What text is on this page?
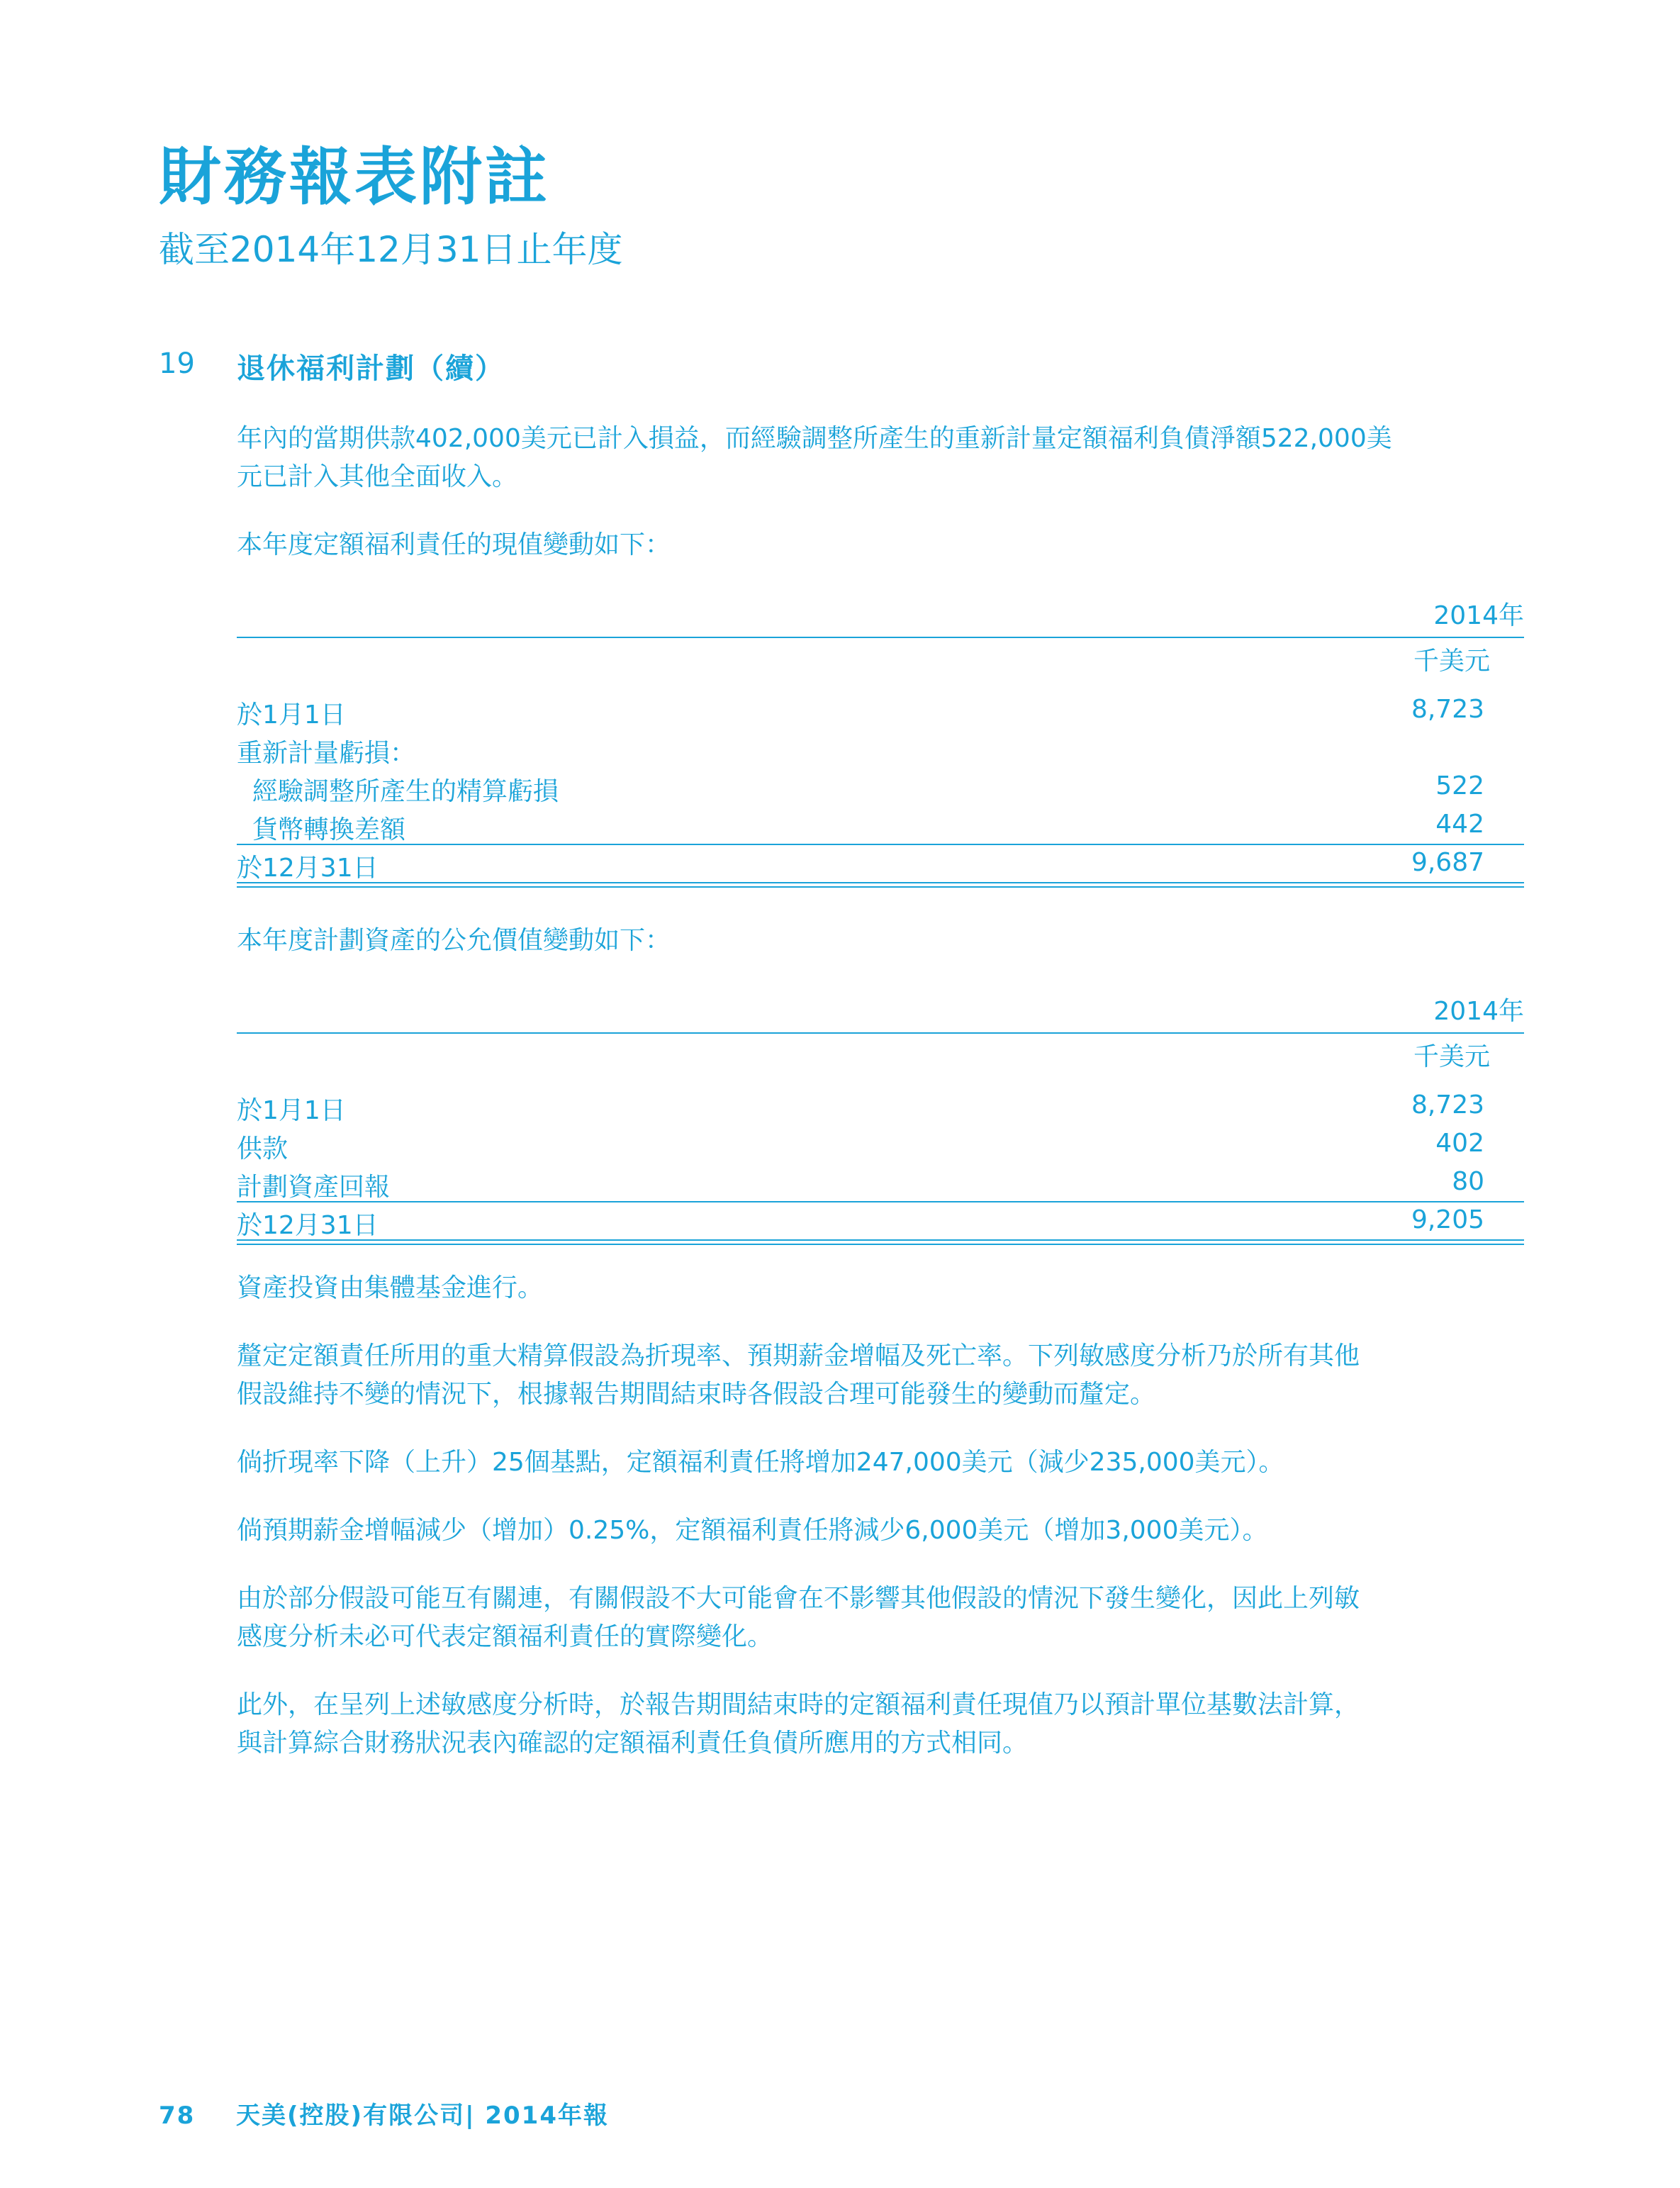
財務報表附註
截至2014年12月31日止年度
19 退休福利計劃（續）
年內的當期供款402,000美元已計入損益，而經驗調整所產生的重新計量定額福利負債淨額522,000美
元已計入其他全面收入。
本年度定額福利責任的現值變動如下：
2014年
千美元
於1月1日	8,723
重新計量虧損：
經驗調整所產生的精算虧損	522
貨幣轉換差額	442
於12月31日	9,687
本年度計劃資產的公允價值變動如下：
2014年
千美元
於1月1日	8,723
供款	402
計劃資產回報	80
於12月31日	9,205
資產投資由集體基金進行。
釐定定額責任所用的重大精算假設為折現率、預期薪金增幅及死亡率。下列敏感度分析乃於所有其他
假設維持不變的情況下，根據報告期間結束時各假設合理可能發生的變動而釐定。
倘折現率下降（上升）25個基點，定額福利責任將增加247,000美元（減少235,000美元）。
倘預期薪金增幅減少（增加）0.25%，定額福利責任將減少6,000美元（增加3,000美元）。
由於部分假設可能互有關連，有關假設不大可能會在不影響其他假設的情況下發生變化，因此上列敏
感度分析未必可代表定額福利責任的實際變化。
此外，在呈列上述敏感度分析時，於報告期間結束時的定額福利責任現值乃以預計單位基數法計算，
與計算綜合財務狀況表內確認的定額福利責任負債所應用的方式相同。
78 天美(控股)有限公司| 2014年報
